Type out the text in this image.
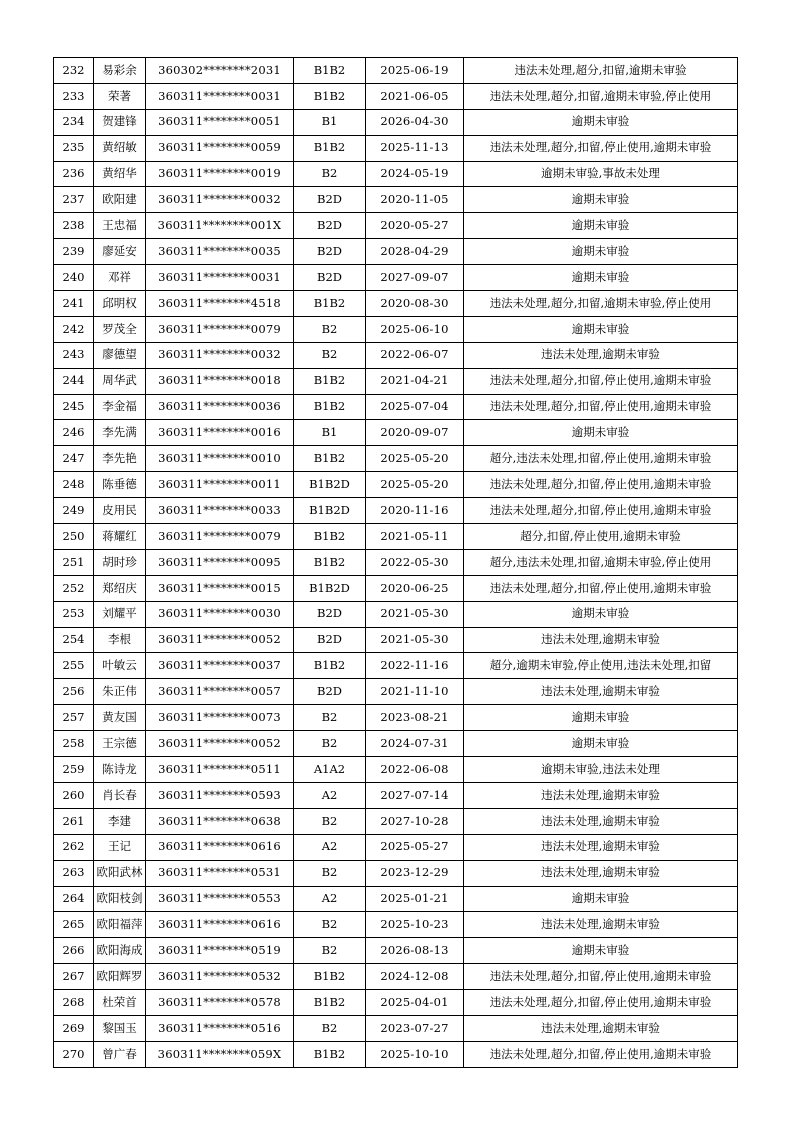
232	易彩余	360302********2031	B1B2	2025-06-19	违法未处理,超分,扣留,逾期未审验
233	荣著	360311********0031	B1B2	2021-06-05	违法未处理,超分,扣留,逾期未审验,停止使用
234	贺建锋	360311********0051	B1	2026-04-30	逾期未审验
235	黄绍敏	360311********0059	B1B2	2025-11-13	违法未处理,超分,扣留,停止使用,逾期未审验
236	黄绍华	360311********0019	B2	2024-05-19	逾期未审验,事故未处理
237	欧阳建	360311********0032	B2D	2020-11-05	逾期未审验
238	王忠福	360311********001X	B2D	2020-05-27	逾期未审验
239	廖延安	360311********0035	B2D	2028-04-29	逾期未审验
240	邓祥	360311********0031	B2D	2027-09-07	逾期未审验
241	邱明权	360311********4518	B1B2	2020-08-30	违法未处理,超分,扣留,逾期未审验,停止使用
242	罗茂全	360311********0079	B2	2025-06-10	逾期未审验
243	廖德望	360311********0032	B2	2022-06-07	违法未处理,逾期未审验
244	周华武	360311********0018	B1B2	2021-04-21	违法未处理,超分,扣留,停止使用,逾期未审验
245	李金福	360311********0036	B1B2	2025-07-04	违法未处理,超分,扣留,停止使用,逾期未审验
246	李先满	360311********0016	B1	2020-09-07	逾期未审验
247	李先艳	360311********0010	B1B2	2025-05-20	超分,违法未处理,扣留,停止使用,逾期未审验
248	陈垂德	360311********0011	B1B2D	2025-05-20	违法未处理,超分,扣留,停止使用,逾期未审验
249	皮用民	360311********0033	B1B2D	2020-11-16	违法未处理,超分,扣留,停止使用,逾期未审验
250	蒋耀红	360311********0079	B1B2	2021-05-11	超分,扣留,停止使用,逾期未审验
251	胡时珍	360311********0095	B1B2	2022-05-30	超分,违法未处理,扣留,逾期未审验,停止使用
252	郑绍庆	360311********0015	B1B2D	2020-06-25	违法未处理,超分,扣留,停止使用,逾期未审验
253	刘耀平	360311********0030	B2D	2021-05-30	逾期未审验
254	李根	360311********0052	B2D	2021-05-30	违法未处理,逾期未审验
255	叶敏云	360311********0037	B1B2	2022-11-16	超分,逾期未审验,停止使用,违法未处理,扣留
256	朱正伟	360311********0057	B2D	2021-11-10	违法未处理,逾期未审验
257	黄友国	360311********0073	B2	2023-08-21	逾期未审验
258	王宗德	360311********0052	B2	2024-07-31	逾期未审验
259	陈诗龙	360311********0511	A1A2	2022-06-08	逾期未审验,违法未处理
260	肖长春	360311********0593	A2	2027-07-14	违法未处理,逾期未审验
261	李建	360311********0638	B2	2027-10-28	违法未处理,逾期未审验
262	王记	360311********0616	A2	2025-05-27	违法未处理,逾期未审验
263	欧阳武林	360311********0531	B2	2023-12-29	违法未处理,逾期未审验
264	欧阳枝剑	360311********0553	A2	2025-01-21	逾期未审验
265	欧阳福萍	360311********0616	B2	2025-10-23	违法未处理,逾期未审验
266	欧阳海成	360311********0519	B2	2026-08-13	逾期未审验
267	欧阳辉罗	360311********0532	B1B2	2024-12-08	违法未处理,超分,扣留,停止使用,逾期未审验
268	杜荣首	360311********0578	B1B2	2025-04-01	违法未处理,超分,扣留,停止使用,逾期未审验
269	黎国玉	360311********0516	B2	2023-07-27	违法未处理,逾期未审验
270	曾广春	360311********059X	B1B2	2025-10-10	违法未处理,超分,扣留,停止使用,逾期未审验
